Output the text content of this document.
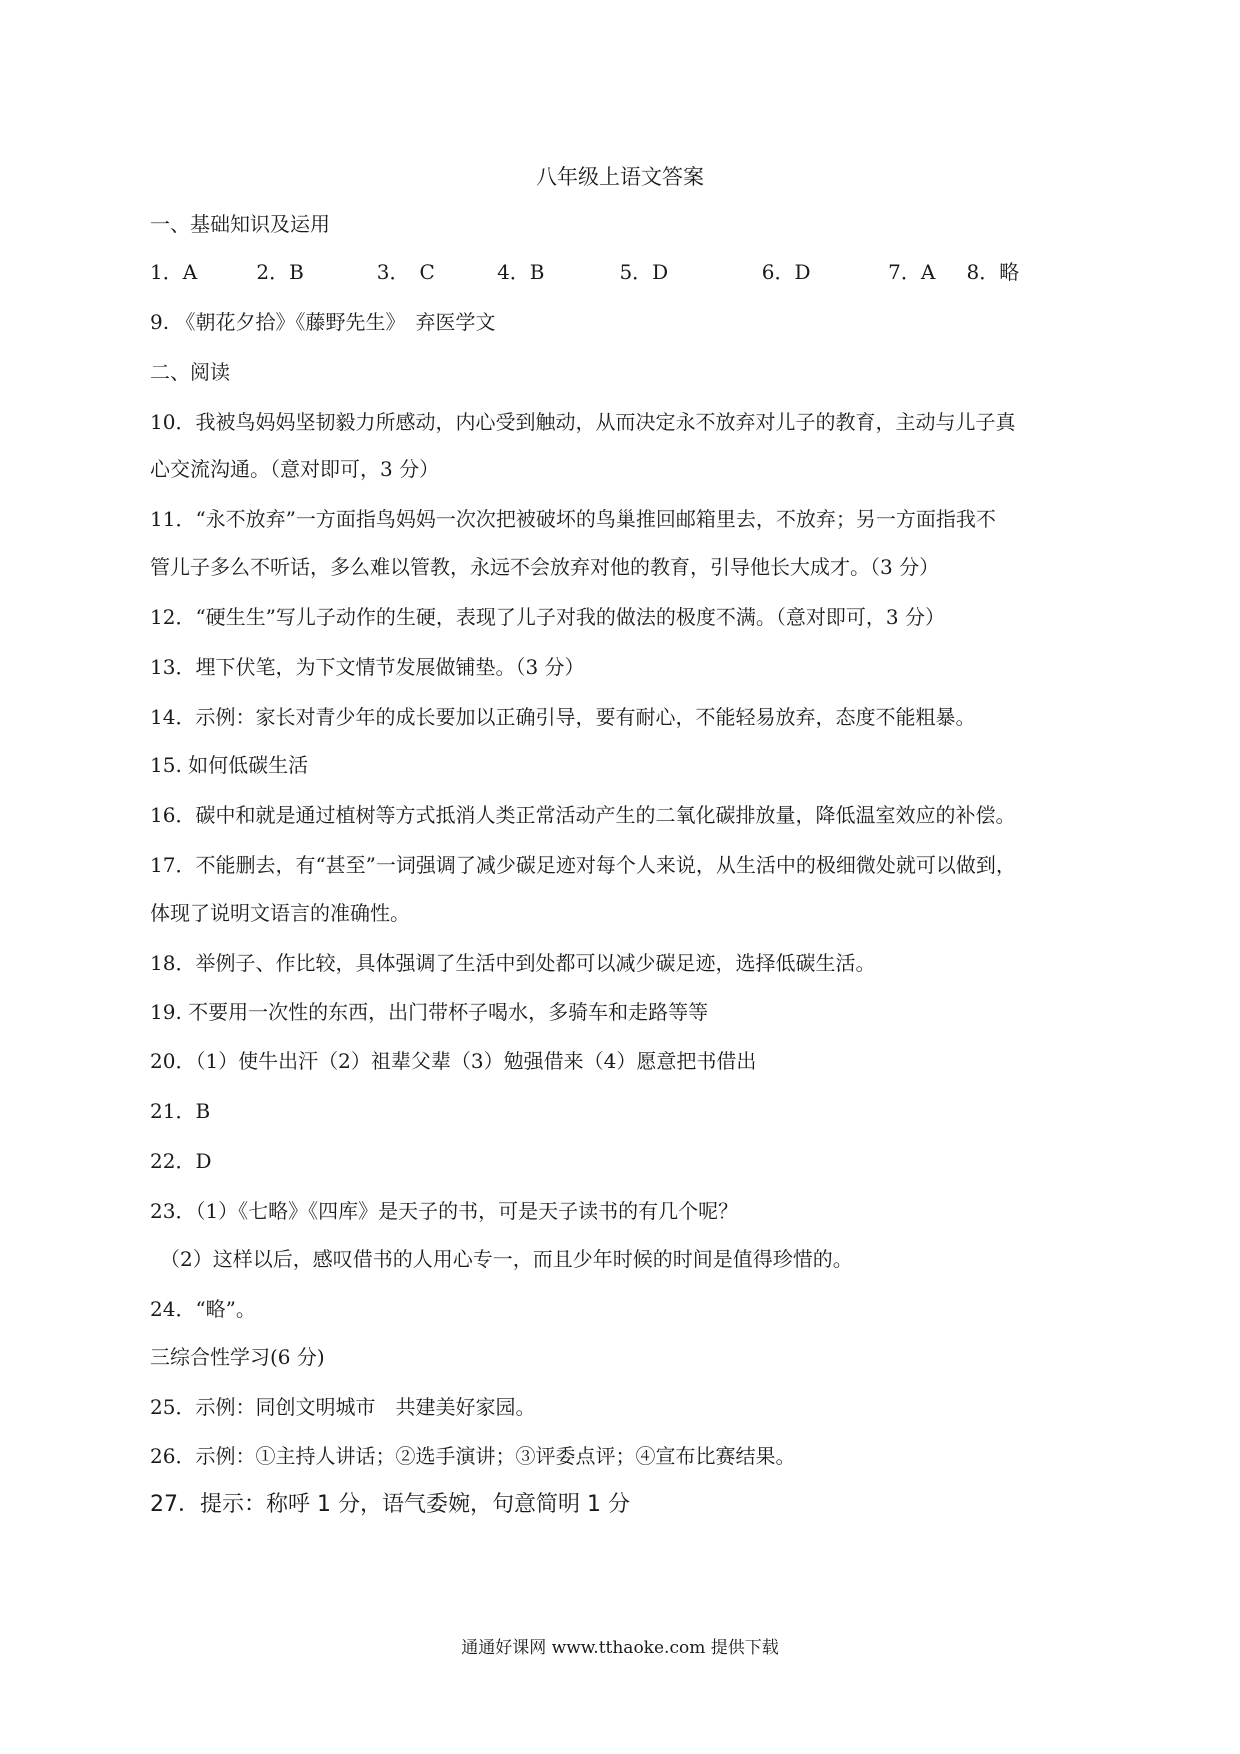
八年级上语文答案
一、基础知识及运用
1．A	2．B	3．　C	4．B	5．D	6．D	7．A 8．略
9. 《朝花夕拾》《藤野先生》　弃医学文
二、阅读
10．我被鸟妈妈坚韧毅力所感动，内心受到触动，从而决定永不放弃对儿子的教育，主动与儿子真
心交流沟通。（意对即可，3 分）
11．“永不放弃”一方面指鸟妈妈一次次把被破坏的鸟巢推回邮箱里去，不放弃；另一方面指我不
管儿子多么不听话，多么难以管教，永远不会放弃对他的教育，引导他长大成才。（3 分）
12．“硬生生”写儿子动作的生硬，表现了儿子对我的做法的极度不满。（意对即可，3 分）
13．埋下伏笔，为下文情节发展做铺垫。（3 分）
14．示例：家长对青少年的成长要加以正确引导，要有耐心，不能轻易放弃，态度不能粗暴。
15. 如何低碳生活
16．碳中和就是通过植树等方式抵消人类正常活动产生的二氧化碳排放量，降低温室效应的补偿。
17．不能删去，有“甚至”一词强调了减少碳足迹对每个人来说，从生活中的极细微处就可以做到，
体现了说明文语言的准确性。
18．举例子、作比较，具体强调了生活中到处都可以减少碳足迹，选择低碳生活。
19. 不要用一次性的东西，出门带杯子喝水，多骑车和走路等等
20．（1）使牛出汗（2）祖辈父辈（3）勉强借来（4）愿意把书借出
21．B
22．D
23．（1）《七略》《四库》是天子的书，可是天子读书的有几个呢？
（2）这样以后，感叹借书的人用心专一，而且少年时候的时间是值得珍惜的。
24．“略”。
三综合性学习(6 分)
25．示例：同创文明城市　共建美好家园。
26．示例：①主持人讲话；②选手演讲；③评委点评；④宣布比赛结果。
27．提示：称呼 1 分，语气委婉，句意简明 1 分
通通好课网 www.tthaoke.com 提供下载
